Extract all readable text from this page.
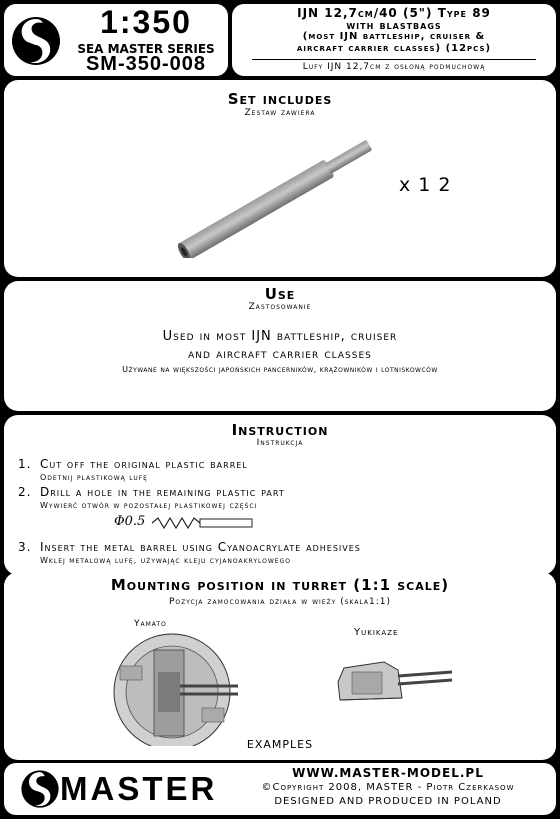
1:350
SEA MASTER SERIES
SM-350-008
IJN 12,7cm/40 (5") Type 89
with blastbags
(most IJN battleship, cruiser &
aircraft carrier classes) (12pcs)
Lufy IJN 12,7cm z osłoną podmuchową
Set includes
Zestaw zawiera
x 1 2
Use
Zastosowanie
Used in most IJN battleship, cruiser
and aircraft carrier classes
Używane na większości japońskich pancerników, krążowników i lotniskowców
Instruction
Instrukcja
1. Cut off the original plastic barrel
Odetnij plastikową lufę
2. Drill a hole in the remaining plastic part
Wywierć otwór w pozostałej plastikowej części
Φ0.5
3. Insert the metal barrel using Cyanoacrylate adhesives
Wklej metalową lufę, używając kleju cyjanoakrylowego
Mounting position in turret (1:1 scale)
Pozycja zamocowania działa w wieży (skala1:1)
Yamato
Yukikaze
EXAMPLES
MASTER	WWW.MASTER-MODEL.PL
©Copyright 2008, MASTER - Piotr Czerkasow
DESIGNED AND PRODUCED IN POLAND
